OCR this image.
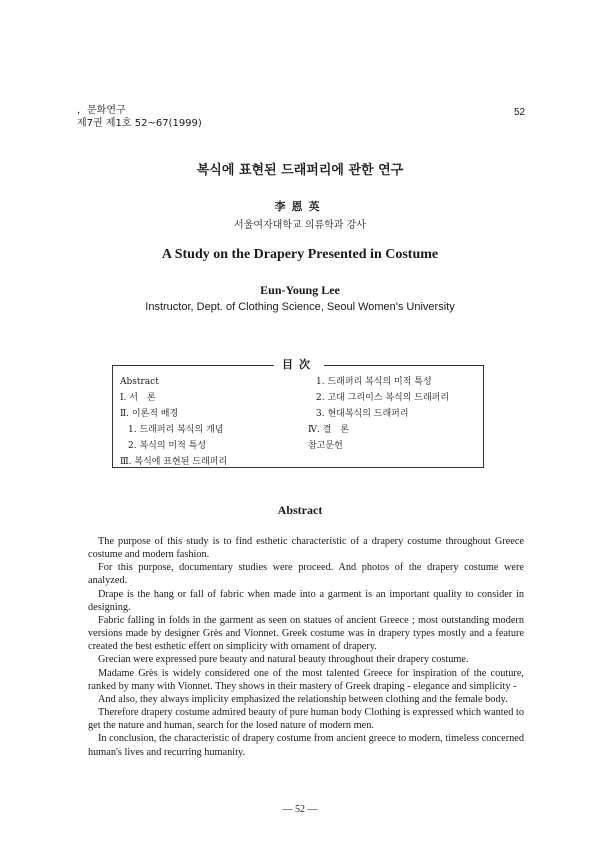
，문화연구
제7권 제1호 52~67(1999)
52
복식에 표현된 드래퍼리에 관한 연구
李恩英
서울여자대학교 의류학과 강사
A Study on the Drapery Presented in Costume
Eun-Young Lee
Instructor, Dept. of Clothing Science, Seoul Women's University
目次
Abstract
Ⅰ. 서　론
Ⅱ. 이론적 배경
1. 드래퍼리 복식의 개념
2. 복식의 미적 특성
Ⅲ. 복식에 표현된 드래퍼리
1. 드래퍼리 복식의 미적 특성
2. 고대 그리이스 복식의 드래퍼리
3. 현대복식의 드래퍼리
Ⅳ. 결　론
참고문헌
Abstract

The purpose of this study is to find esthetic characteristic of a drapery costume throughout Greece costume and modern fashion.

For this purpose, documentary studies were proceed. And photos of the drapery costume were analyzed.

Drape is the hang or fall of fabric when made into a garment is an important quality to consider in designing.

Fabric falling in folds in the garment as seen on statues of ancient Greece ; most outstanding modern versions made by designer Grès and Vionnet. Greek costume was in drapery types mostly and a feature created the best esthetic effert on simplicity with ornament of drapery.

Grecian were expressed pure beauty and natural beauty throughout their drapery costume.

Madame Grès is widely considered one of the most talented Greece for inspiration of the couture, ranked by many with Vionnet. They shows in their mastery of Greek draping - elegance and simplicity -

And also, they always implicity emphasized the relationship between clothing and the female body.

Therefore drapery costume admired beauty of pure human body Clothing is expressed which wanted to get the nature and human, search for the losed nature of modern men.

In conclusion, the characteristic of drapery costume from ancient greece to modern, timeless concerned human's lives and recurring humanity.

— 52 —
